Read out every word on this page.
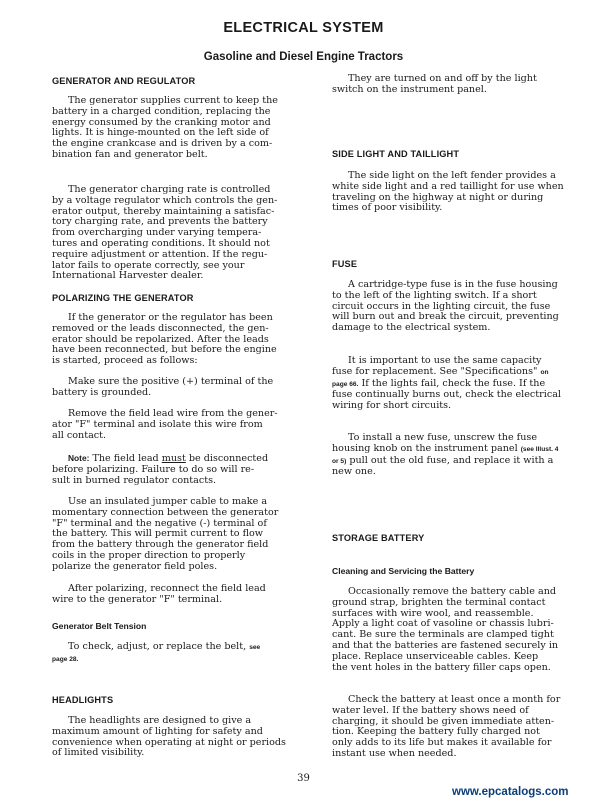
ELECTRICAL SYSTEM
Gasoline and Diesel Engine Tractors
GENERATOR AND REGULATOR
The generator supplies current to keep the
battery in a charged condition, replacing the
energy consumed by the cranking motor and
lights. It is hinge-mounted on the left side of
the engine crankcase and is driven by a com-
bination fan and generator belt.
The generator charging rate is controlled
by a voltage regulator which controls the gen-
erator output, thereby maintaining a satisfac-
tory charging rate, and prevents the battery
from overcharging under varying tempera-
tures and operating conditions. It should not
require adjustment or attention. If the regu-
lator fails to operate correctly, see your
International Harvester dealer.
POLARIZING THE GENERATOR
If the generator or the regulator has been
removed or the leads disconnected, the gen-
erator should be repolarized. After the leads
have been reconnected, but before the engine
is started, proceed as follows:
Make sure the positive (+) terminal of the
battery is grounded.
Remove the field lead wire from the gener-
ator "F" terminal and isolate this wire from
all contact.
Note: The field lead must be disconnected
before polarizing. Failure to do so will re-
sult in burned regulator contacts.
Use an insulated jumper cable to make a
momentary connection between the generator
"F" terminal and the negative (-) terminal of
the battery. This will permit current to flow
from the battery through the generator field
coils in the proper direction to properly
polarize the generator field poles.
After polarizing, reconnect the field lead
wire to the generator "F" terminal.
Generator Belt Tension
To check, adjust, or replace the belt, see
page 28.
HEADLIGHTS
The headlights are designed to give a
maximum amount of lighting for safety and
convenience when operating at night or periods
of limited visibility.
They are turned on and off by the light
switch on the instrument panel.
SIDE LIGHT AND TAILLIGHT
The side light on the left fender provides a
white side light and a red taillight for use when
traveling on the highway at night or during
times of poor visibility.
FUSE
A cartridge-type fuse is in the fuse housing
to the left of the lighting switch. If a short
circuit occurs in the lighting circuit, the fuse
will burn out and break the circuit, preventing
damage to the electrical system.
It is important to use the same capacity
fuse for replacement. See "Specifications" on
page 66. If the lights fail, check the fuse. If the
fuse continually burns out, check the electrical
wiring for short circuits.
To install a new fuse, unscrew the fuse
housing knob on the instrument panel (see Illust. 4
or 5) pull out the old fuse, and replace it with a
new one.
STORAGE BATTERY
Cleaning and Servicing the Battery
Occasionally remove the battery cable and
ground strap, brighten the terminal contact
surfaces with wire wool, and reassemble.
Apply a light coat of vasoline or chassis lubri-
cant. Be sure the terminals are clamped tight
and that the batteries are fastened securely in
place. Replace unserviceable cables. Keep
the vent holes in the battery filler caps open.
Check the battery at least once a month for
water level. If the battery shows need of
charging, it should be given immediate atten-
tion. Keeping the battery fully charged not
only adds to its life but makes it available for
instant use when needed.
39
www.epcatalogs.com
